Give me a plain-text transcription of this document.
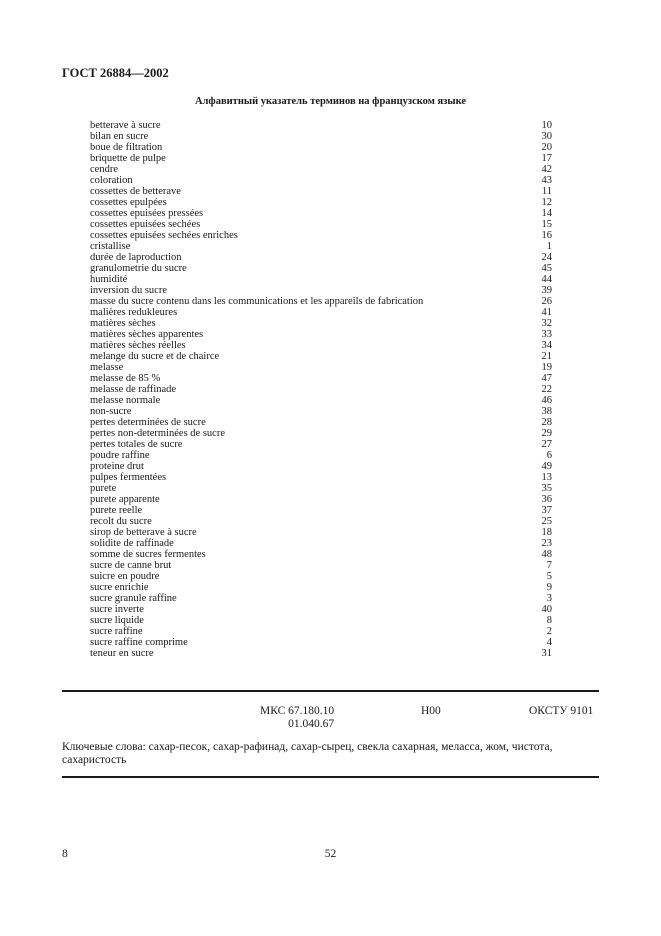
ГОСТ 26884—2002
Алфавитный указатель терминов на французском языке
betterave à sucre	10
bilan en sucre	30
boue de filtration	20
briquette de pulpe	17
cendre	42
coloration	43
cossettes de betterave	11
cossettes epulpées	12
cossettes epuisées pressées	14
cossettes epuisées sechées	15
cossettes epuisées sechées enriches	16
cristallise	1
durée de laproduction	24
granulometrie du sucre	45
humidité	44
inversion du sucre	39
masse du sucre contenu dans les communications et les appareils de fabrication	26
malières redukleures	41
matières sèches	32
matières sèches apparentes	33
matières sèches réelles	34
melange du sucre et de chairce	21
melasse	19
melasse de 85 %	47
melasse de raffinade	22
melasse normale	46
non-sucre	38
pertes determinées de sucre	28
pertes non-determinées de sucre	29
pertes totales de sucre	27
poudre raffine	6
proteine drut	49
pulpes fermentées	13
purete	35
purete apparente	36
purete reelle	37
recolt du sucre	25
sirop de betterave à sucre	18
solidite de raffinade	23
somme de sucres fermentes	48
sucre de canne brut	7
suicre en poudre	5
sucre enrichie	9
sucre granule raffine	3
sucre inverte	40
sucre liquide	8
sucre raffine	2
sucre raffine comprime	4
teneur en sucre	31
МКС 67.180.10
01.040.67
Н00	ОКСТУ 9101
Ключевые слова: сахар-песок, сахар-рафинад, сахар-сырец, свекла сахарная, меласса, жом, чистота, сахаристость
8	52
